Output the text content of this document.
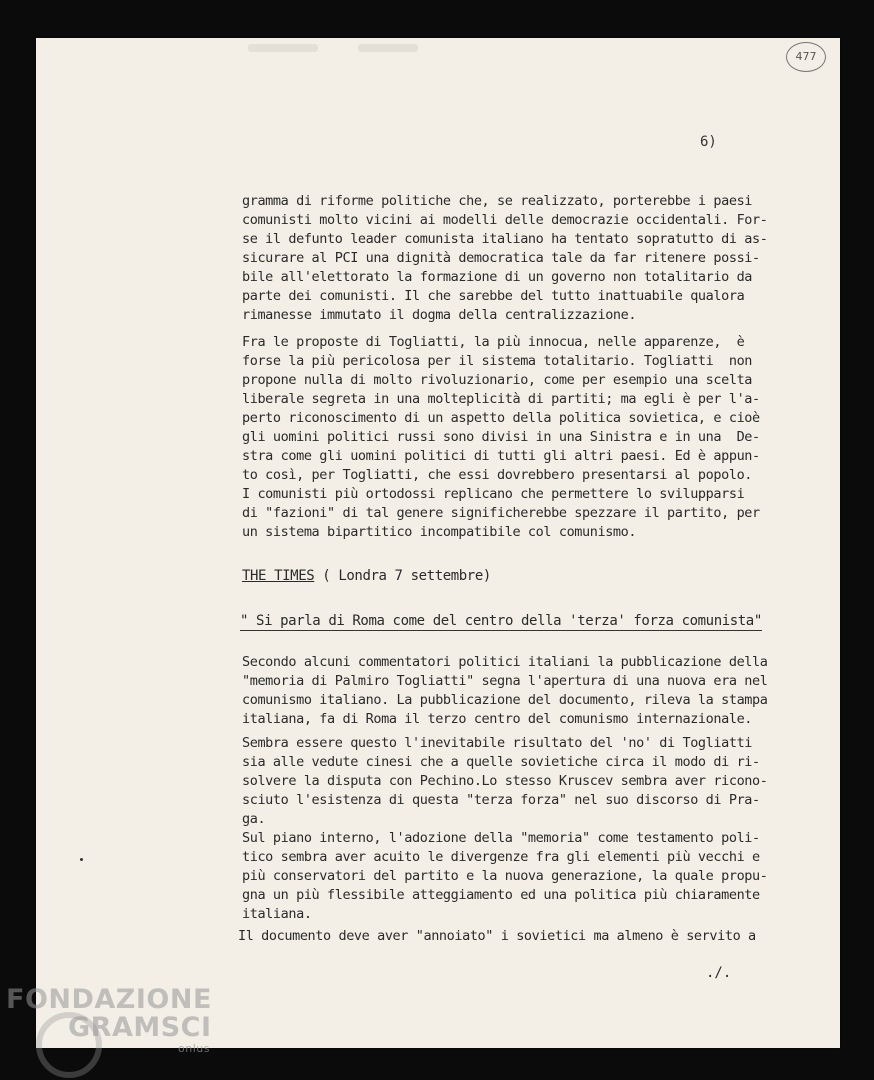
477
6)
gramma di riforme politiche che, se realizzato, porterebbe i paesi
comunisti molto vicini ai modelli delle democrazie occidentali. For-
se il defunto leader comunista italiano ha tentato sopratutto di as-
sicurare al PCI una dignità democratica tale da far ritenere possi-
bile all'elettorato la formazione di un governo non totalitario da
parte dei comunisti. Il che sarebbe del tutto inattuabile qualora
rimanesse immutato il dogma della centralizzazione.
Fra le proposte di Togliatti, la più innocua, nelle apparenze,  è
forse la più pericolosa per il sistema totalitario. Togliatti  non
propone nulla di molto rivoluzionario, come per esempio una scelta
liberale segreta in una molteplicità di partiti; ma egli è per l'a-
perto riconoscimento di un aspetto della politica sovietica, e cioè
gli uomini politici russi sono divisi in una Sinistra e in una  De-
stra come gli uomini politici di tutti gli altri paesi. Ed è appun-
to così, per Togliatti, che essi dovrebbero presentarsi al popolo.
I comunisti più ortodossi replicano che permettere lo svilupparsi
di "fazioni" di tal genere significherebbe spezzare il partito, per
un sistema bipartitico incompatibile col comunismo.
THE TIMES ( Londra 7 settembre)
" Si parla di Roma come del centro della 'terza' forza comunista"
Secondo alcuni commentatori politici italiani la pubblicazione della
"memoria di Palmiro Togliatti" segna l'apertura di una nuova era nel
comunismo italiano. La pubblicazione del documento, rileva la stampa
italiana, fa di Roma il terzo centro del comunismo internazionale.
Sembra essere questo l'inevitabile risultato del 'no' di Togliatti
sia alle vedute cinesi che a quelle sovietiche circa il modo di ri-
solvere la disputa con Pechino.Lo stesso Kruscev sembra aver ricono-
sciuto l'esistenza di questa "terza forza" nel suo discorso di Pra-
ga.
Sul piano interno, l'adozione della "memoria" come testamento poli-
tico sembra aver acuito le divergenze fra gli elementi più vecchi e
più conservatori del partito e la nuova generazione, la quale propu-
gna un più flessibile atteggiamento ed una politica più chiaramente
italiana.
Il documento deve aver "annoiato" i sovietici ma almeno è servito a
./.
FONDAZIONE
GRAMSCI
onlus
